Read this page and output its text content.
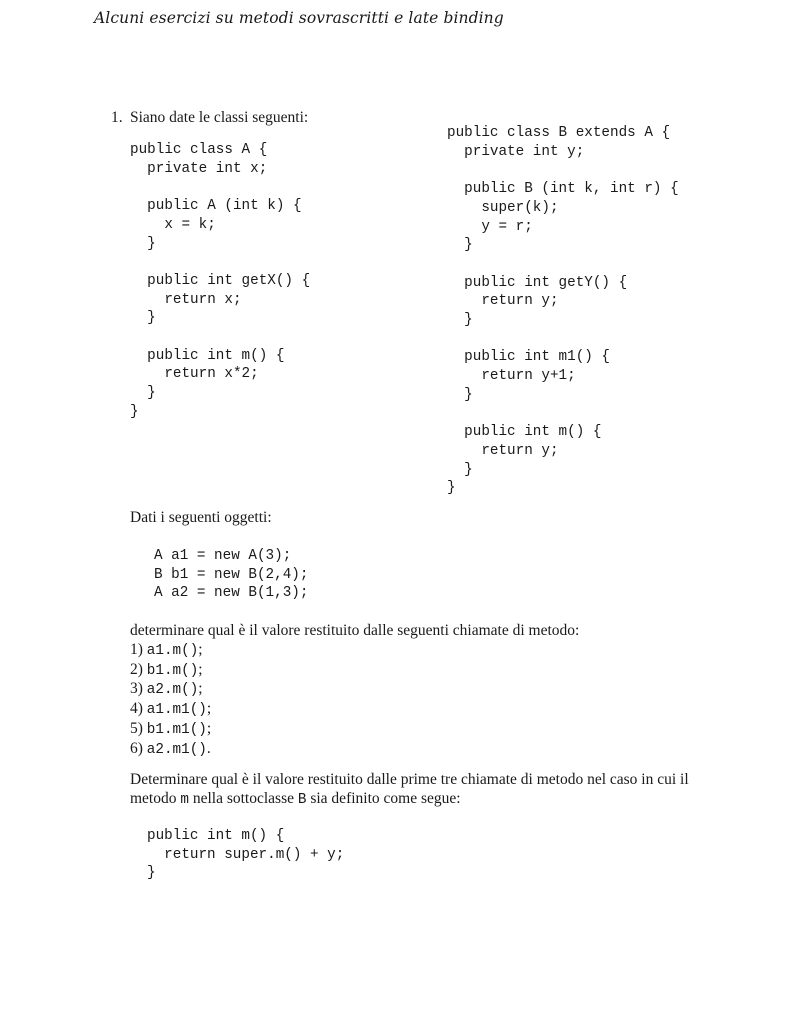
Alcuni esercizi su metodi sovrascritti e late binding
1. Siano date le classi seguenti:
public class A {
private int x;

public A (int k) {
x = k;
}

public int getX() {
return x;
}

public int m() {
return x*2;
}
}
public class B extends A {
private int y;

public B (int k, int r) {
super(k);
y = r;
}

public int getY() {
return y;
}

public int m1() {
return y+1;
}

public int m() {
return y;
}
}
Dati i seguenti oggetti:
A a1 = new A(3);
B b1 = new B(2,4);
A a2 = new B(1,3);
determinare qual è il valore restituito dalle seguenti chiamate di metodo:
1) a1.m();
2) b1.m();
3) a2.m();
4) a1.m1();
5) b1.m1();
6) a2.m1().
Determinare qual è il valore restituito dalle prime tre chiamate di metodo nel caso in cui il metodo m nella sottoclasse B sia definito come segue:
public int m() {
return super.m() + y;
}
